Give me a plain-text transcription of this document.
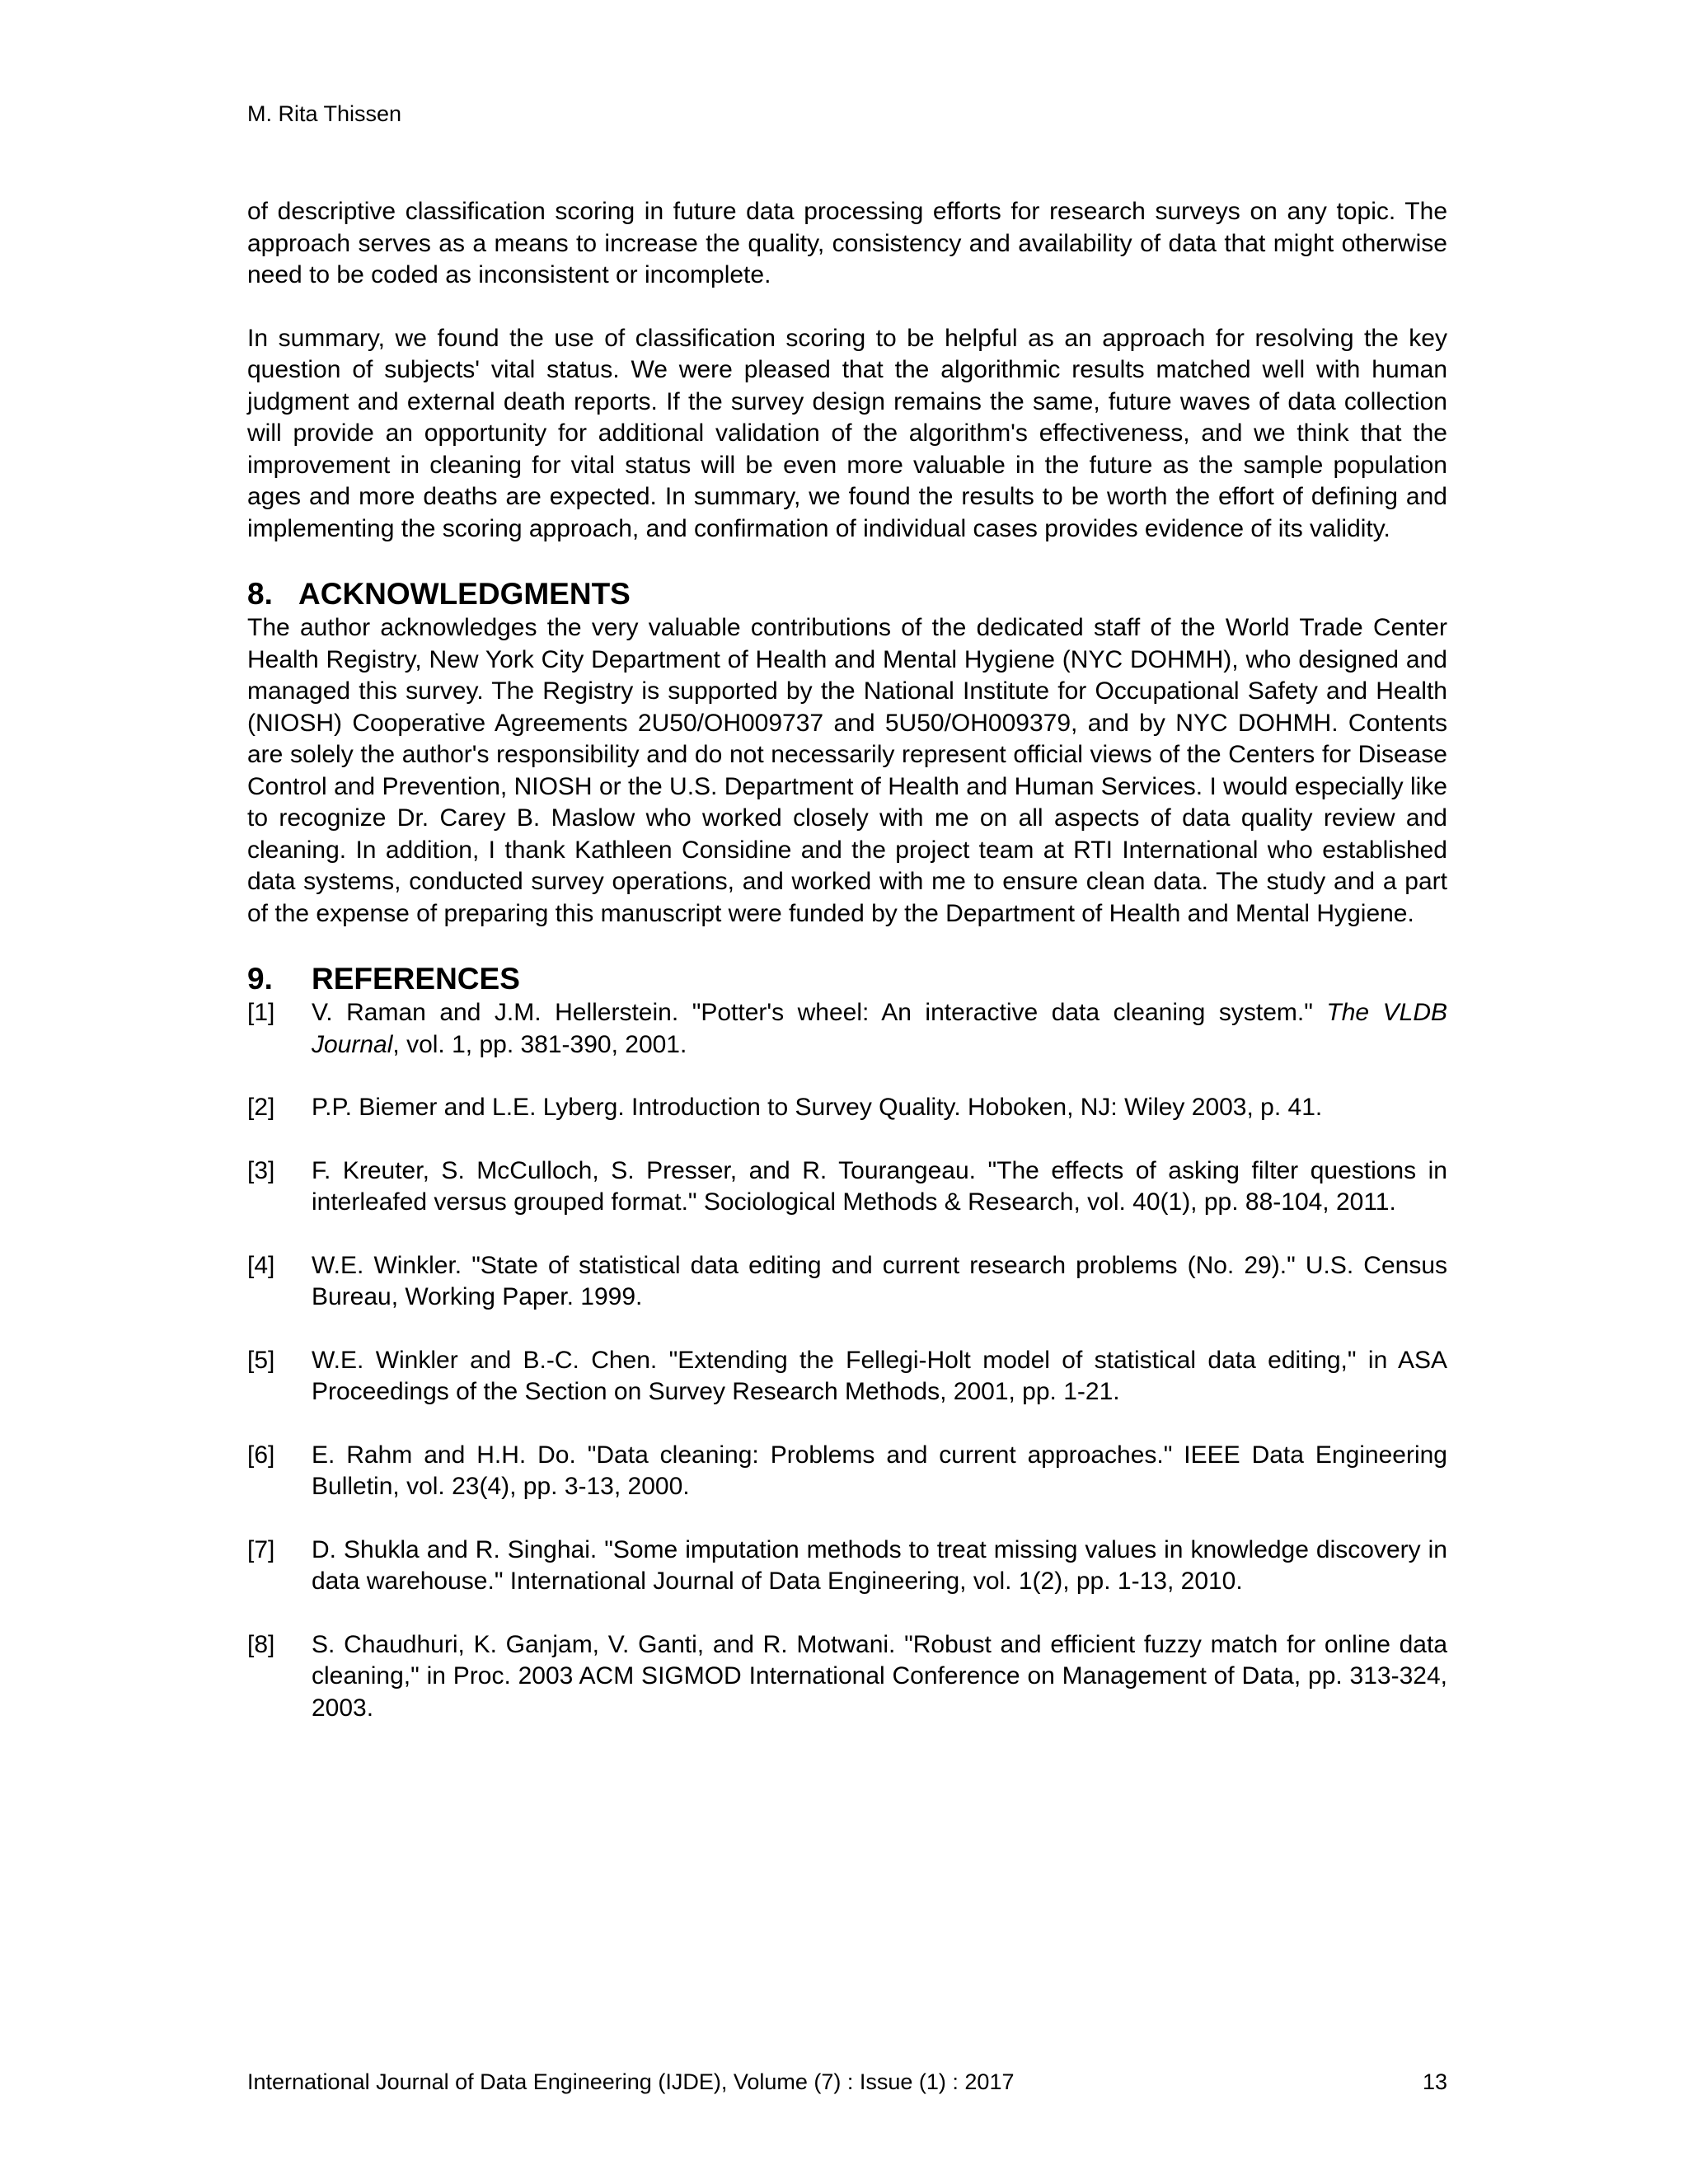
M. Rita Thissen

of descriptive classification scoring in future data processing efforts for research surveys on any topic. The approach serves as a means to increase the quality, consistency and availability of data that might otherwise need to be coded as inconsistent or incomplete.

In summary, we found the use of classification scoring to be helpful as an approach for resolving the key question of subjects' vital status. We were pleased that the algorithmic results matched well with human judgment and external death reports. If the survey design remains the same, future waves of data collection will provide an opportunity for additional validation of the algorithm's effectiveness, and we think that the improvement in cleaning for vital status will be even more valuable in the future as the sample population ages and more deaths are expected. In summary, we found the results to be worth the effort of defining and implementing the scoring approach, and confirmation of individual cases provides evidence of its validity.

8. ACKNOWLEDGMENTS

The author acknowledges the very valuable contributions of the dedicated staff of the World Trade Center Health Registry, New York City Department of Health and Mental Hygiene (NYC DOHMH), who designed and managed this survey. The Registry is supported by the National Institute for Occupational Safety and Health (NIOSH) Cooperative Agreements 2U50/OH009737 and 5U50/OH009379, and by NYC DOHMH. Contents are solely the author's responsibility and do not necessarily represent official views of the Centers for Disease Control and Prevention, NIOSH or the U.S. Department of Health and Human Services. I would especially like to recognize Dr. Carey B. Maslow who worked closely with me on all aspects of data quality review and cleaning. In addition, I thank Kathleen Considine and the project team at RTI International who established data systems, conducted survey operations, and worked with me to ensure clean data. The study and a part of the expense of preparing this manuscript were funded by the Department of Health and Mental Hygiene.

9. REFERENCES
[1]	V. Raman and J.M. Hellerstein. "Potter's wheel: An interactive data cleaning system." The VLDB Journal, vol. 1, pp. 381-390, 2001.
[2]	P.P. Biemer and L.E. Lyberg. Introduction to Survey Quality. Hoboken, NJ: Wiley 2003, p. 41.
[3]	F. Kreuter, S. McCulloch, S. Presser, and R. Tourangeau. "The effects of asking filter questions in interleafed versus grouped format." Sociological Methods & Research, vol. 40(1), pp. 88-104, 2011.
[4]	W.E. Winkler. "State of statistical data editing and current research problems (No. 29)." U.S. Census Bureau, Working Paper. 1999.
[5]	W.E. Winkler and B.-C. Chen. "Extending the Fellegi-Holt model of statistical data editing," in ASA Proceedings of the Section on Survey Research Methods, 2001, pp. 1-21.
[6]	E. Rahm and H.H. Do. "Data cleaning: Problems and current approaches." IEEE Data Engineering Bulletin, vol. 23(4), pp. 3-13, 2000.
[7]	D. Shukla and R. Singhai. "Some imputation methods to treat missing values in knowledge discovery in data warehouse." International Journal of Data Engineering, vol. 1(2), pp. 1-13, 2010.
[8]	S. Chaudhuri, K. Ganjam, V. Ganti, and R. Motwani. "Robust and efficient fuzzy match for online data cleaning," in Proc. 2003 ACM SIGMOD International Conference on Management of Data, pp. 313-324, 2003.
International Journal of Data Engineering (IJDE), Volume (7) : Issue (1) : 2017	13
